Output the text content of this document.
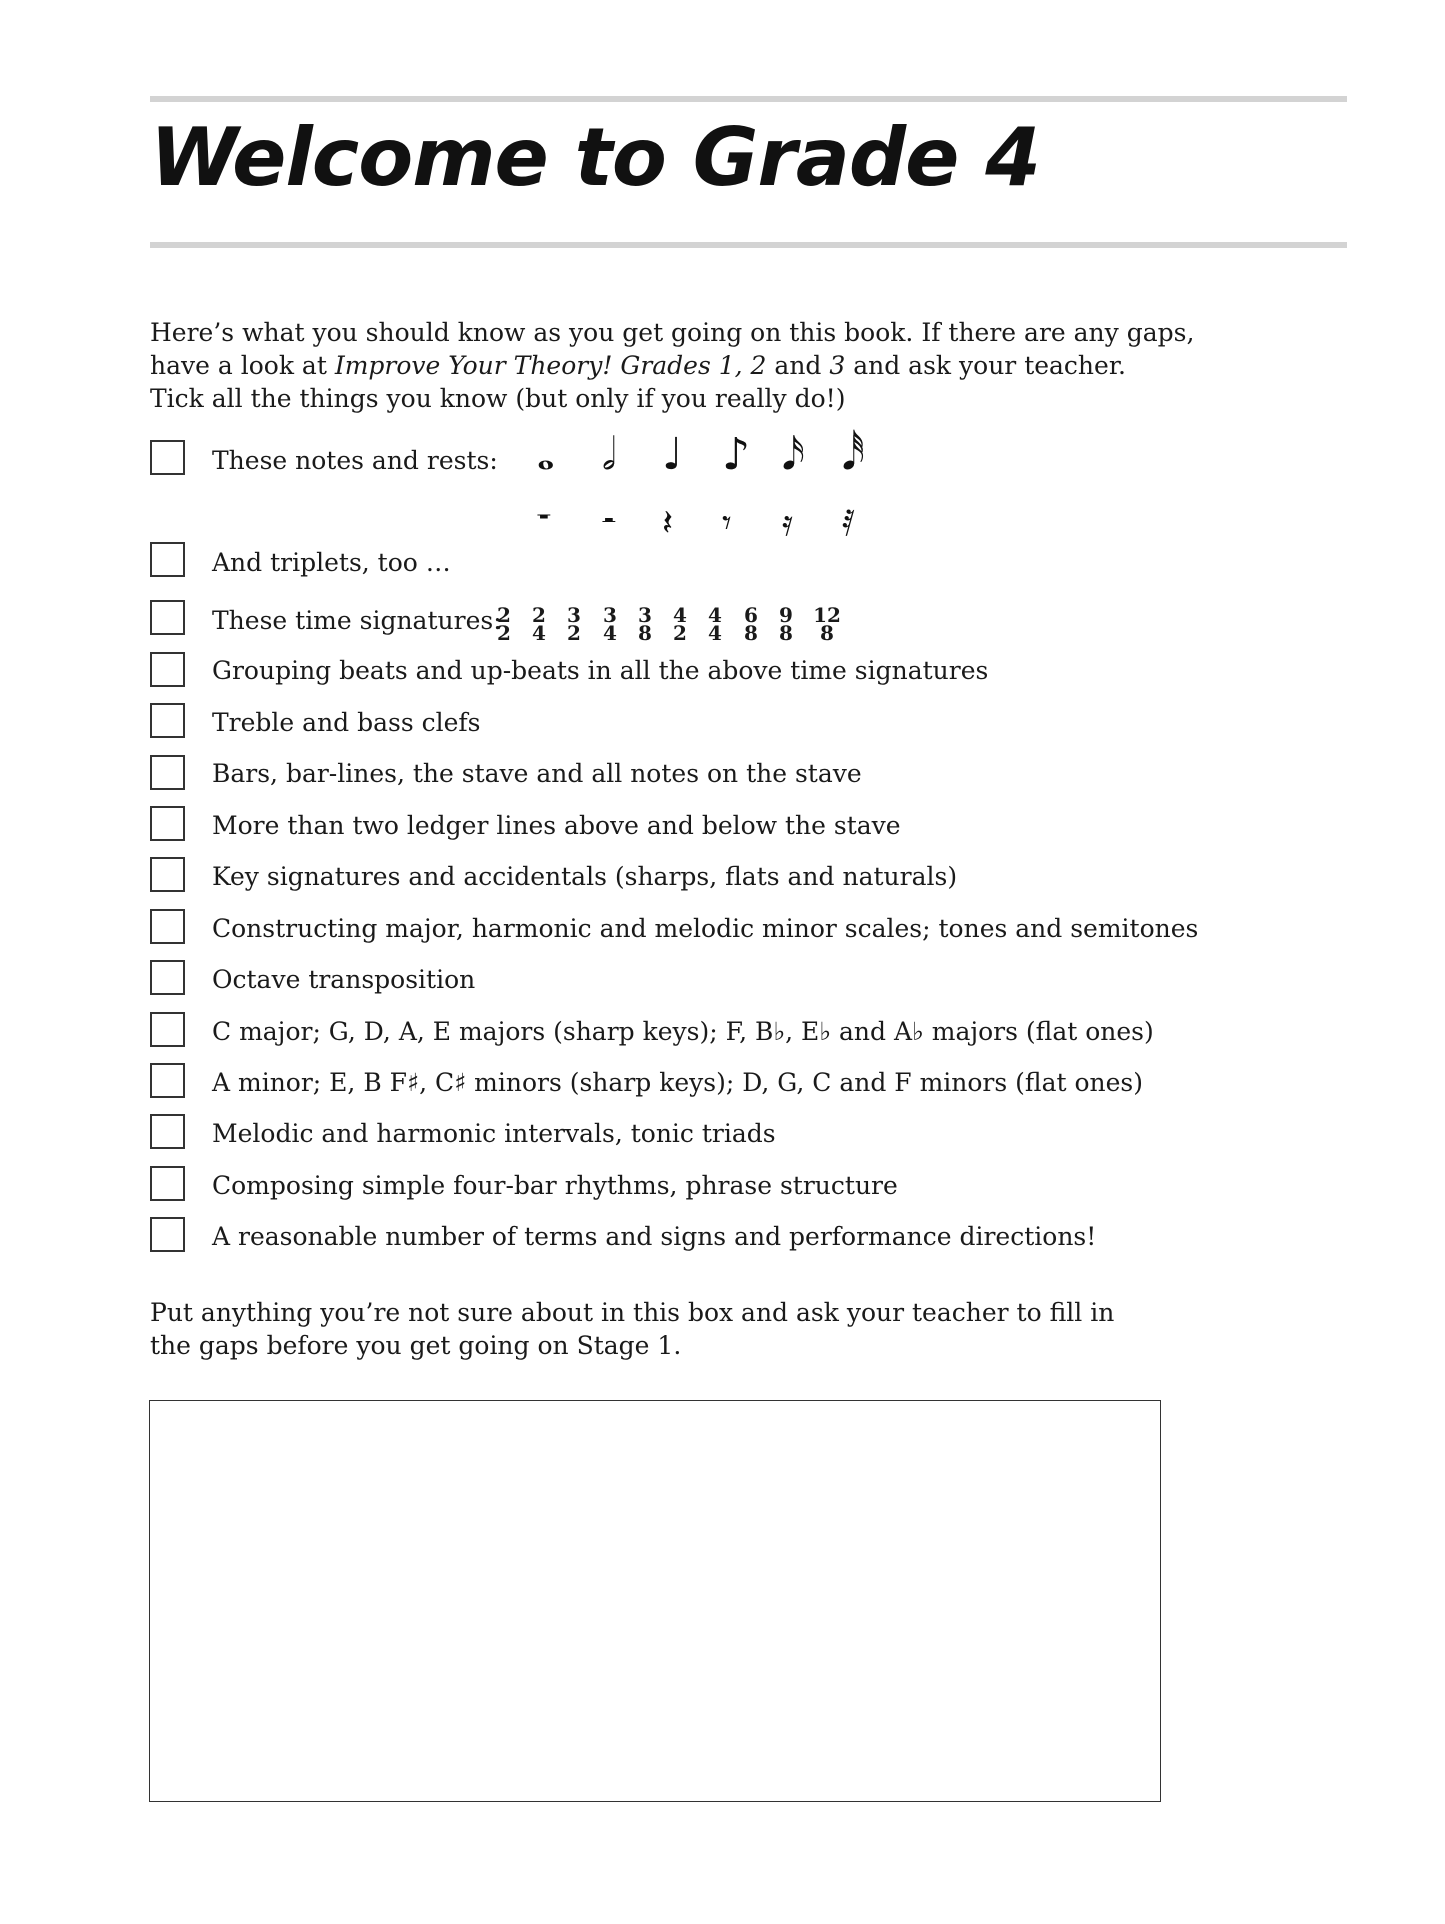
Welcome to Grade 4
Here’s what you should know as you get going on this book. If there are any gaps,
have a look at Improve Your Theory! Grades 1, 2 and 3 and ask your teacher.
Tick all the things you know (but only if you really do!)
These notes and rests: 𝅝 𝅗𝅥 ♩ ♪ 𝅘𝅥𝅯 𝅘𝅥𝅰
𝄻 𝄼 𝄽 𝄾 𝄿 𝅀
And triplets, too …
These time signatures:
2
2
2
4
3
2
3
4
3
8
4
2
4
4
6
8
9
8
12
8
Grouping beats and up-beats in all the above time signatures
Treble and bass clefs
Bars, bar-lines, the stave and all notes on the stave
More than two ledger lines above and below the stave
Key signatures and accidentals (sharps, flats and naturals)
Constructing major, harmonic and melodic minor scales; tones and semitones
Octave transposition
C major; G, D, A, E majors (sharp keys); F, B♭, E♭ and A♭ majors (flat ones)
A minor; E, B F♯, C♯ minors (sharp keys); D, G, C and F minors (flat ones)
Melodic and harmonic intervals, tonic triads
Composing simple four-bar rhythms, phrase structure
A reasonable number of terms and signs and performance directions!
Put anything you’re not sure about in this box and ask your teacher to fill in
the gaps before you get going on Stage 1.
